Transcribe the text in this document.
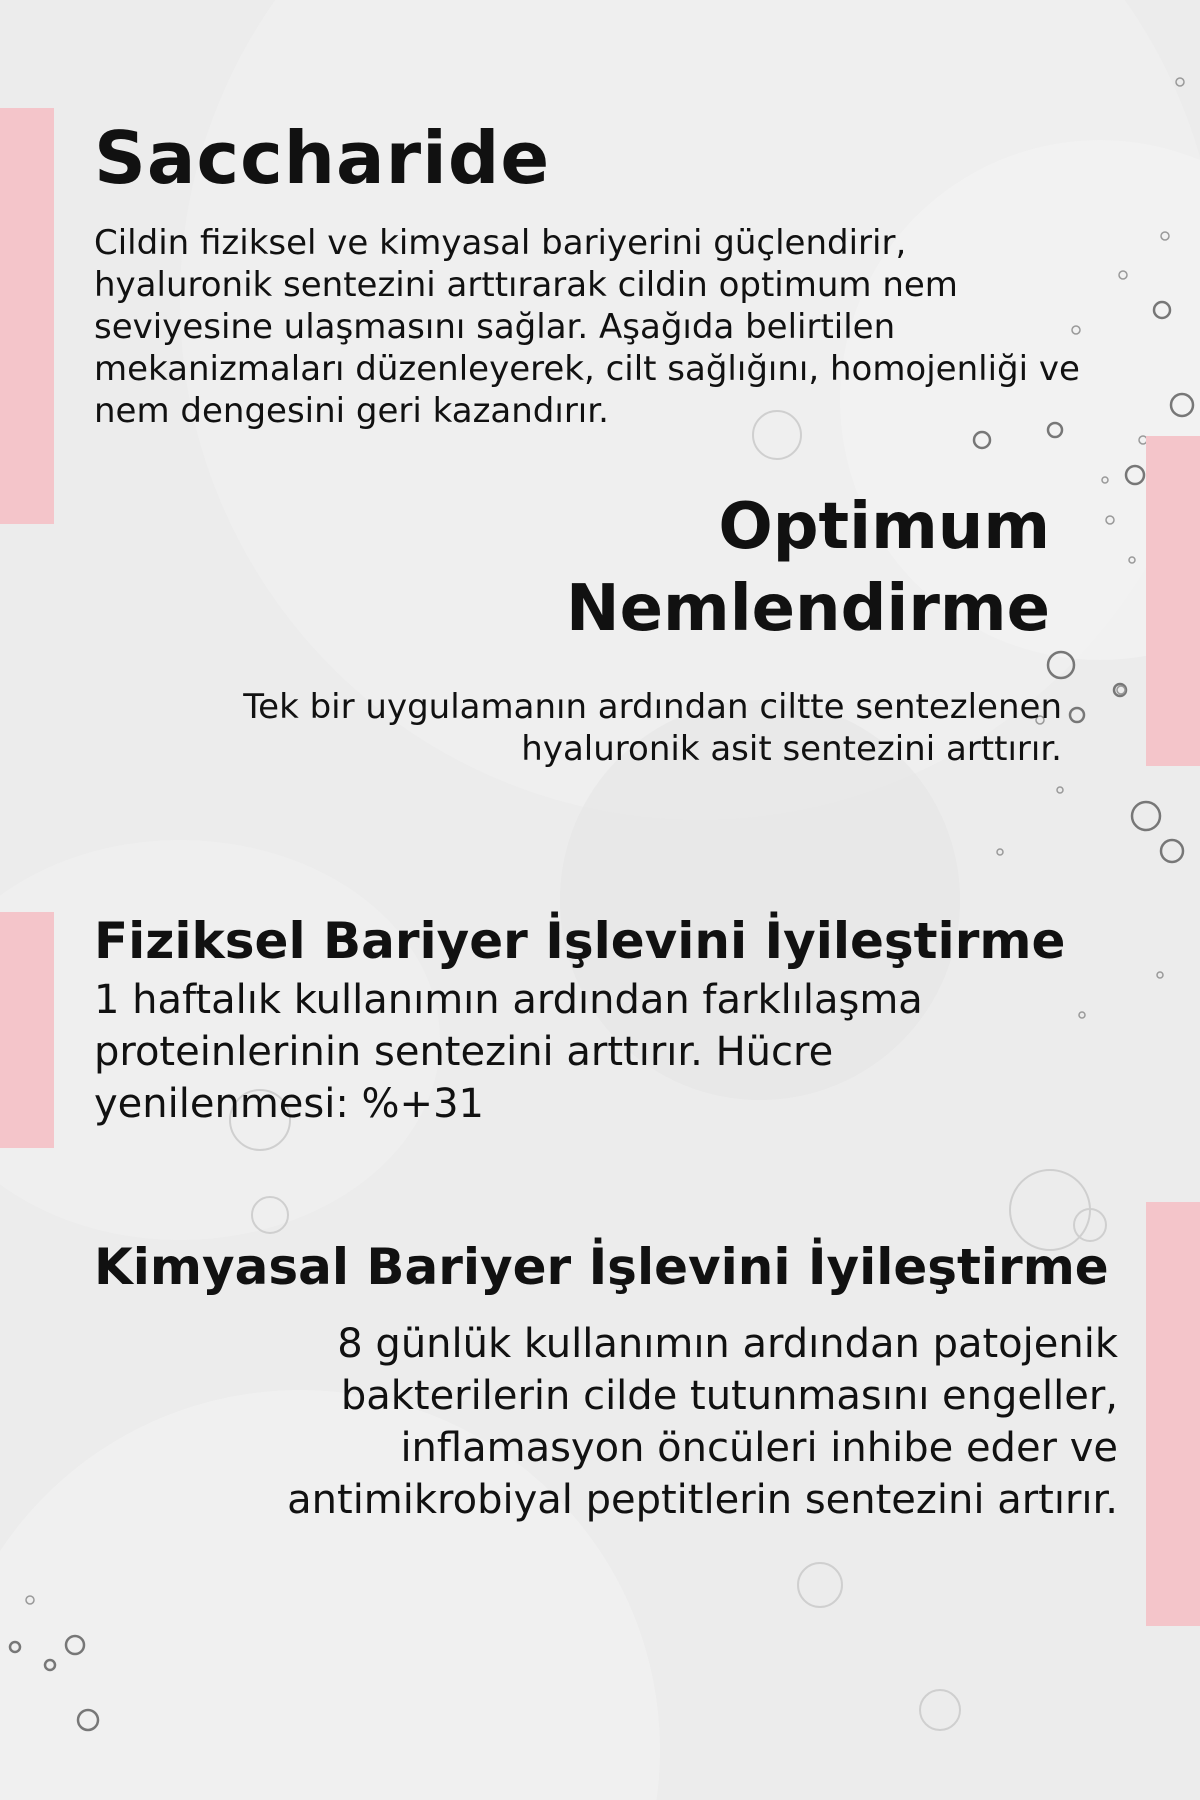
Saccharide

Cildin fiziksel ve kimyasal bariyerini güçlendirir, hyaluronik sentezini arttırarak cildin optimum nem seviyesine ulaşmasını sağlar. Aşağıda belirtilen mekanizmaları düzenleyerek, cilt sağlığını, homojenliği ve nem dengesini geri kazandırır.

Optimum
Nemlendirme

Tek bir uygulamanın ardından ciltte sentezlenen

hyaluronik asit sentezini arttırır.

Fiziksel Bariyer İşlevini İyileştirme

1 haftalık kullanımın ardından farklılaşma proteinlerinin sentezini arttırır. Hücre yenilenmesi: %+31

Kimyasal Bariyer İşlevini İyileştirme

8 günlük kullanımın ardından patojenik

bakterilerin cilde tutunmasını engeller,

inflamasyon öncüleri inhibe eder ve

antimikrobiyal peptitlerin sentezini artırır.
